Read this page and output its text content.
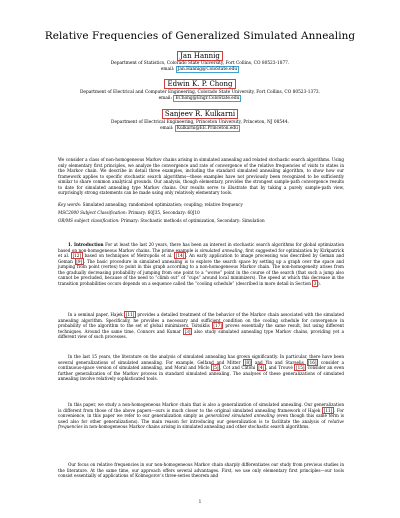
Relative Frequencies of Generalized Simulated Annealing
Jan Hannig
Department of Statistics, Colorado State University, Fort Collins, CO 80523-1877.
email: Jan.Hannig@ColoState.edu
Edwin K. P. Chong
Department of Electrical and Computer Engineering, Colorado State University, Fort Collins, CO 80523-1373.
email: EChong@Engr.ColoState.edu
Sanjeev R. Kulkarni
Department of Electrical Engineering, Princeton University, Princeton, NJ 08544.
email: Kulkarni@EE.Princeton.edu
We consider a class of non-homogeneous Markov chains arising in simulated annealing and related stochastic search algorithms. Using only elementary first principles, we analyze the convergence and rate of convergence of the relative frequencies of visits to states in the Markov chain. We describe in detail three examples, including the standard simulated annealing algorithm, to show how our framework applies to specific stochastic search algorithms—these examples have not previously been recognized to be sufficiently similar to share common analytical grounds. Our analysis, though elementary, provides the strongest sample-path convergence results to date for simulated annealing type Markov chains. Our results serve to illustrate that by taking a purely sample-path view, surprisingly strong statements can be made using only relatively elementary tools.
Key words: Simulated annealing; randomized optimization; coupling; relative frequency
MSC2000 Subject Classification: Primary: 60J35, Secondary: 60J10
OR/MS subject classification: Primary: Stochastic methods of optimization, Secondary: Simulation
1. Introduction For at least the last 20 years, there has been an interest in stochastic search algorithms for global optimization based on non-homogeneous Markov chains. The prime example is simulated annealing, first suggested for optimization by Kirkpatrick et al. [12] based on techniques of Metropolis et al. [14] . An early application to image processing was described by Geman and Geman [9] . The basic procedure in simulated annealing is to explore the search space by setting up a graph over the space and jumping from point (vertex) to point in this graph according to a non-homogeneous Markov chain. The non-homogeneity arises from the gradually decreasing probability of jumping from one point to a “worse” point in the course of the search (that such a jump also cannot be precluded, because of the need to “climb out” of “cups” around local minimizers). The speed at which this decrease in the transition probabilities occurs depends on a sequence called the “cooling schedule” (described in more detail in Section 3 ).
In a seminal paper, Hajek [11] provides a detailed treatment of the behavior of the Markov chain associated with the simulated annealing algorithm. Specifically, he provides a necessary and sufficient condition on the cooling schedule for convergence in probability of the algorithm to the set of global minimizers. Tsitsiklis [17] proves essentially the same result, but using different techniques. Around the same time, Connors and Kumar [3] also study simulated annealing type Markov chains, providing yet a different view of such processes.
In the last 15 years, the literature on the analysis of simulated annealing has grown significantly. In particular, there have been several generalizations of simulated annealing. For example, Gelfand and Mitter [8] and Yin and Starselis [16] consider a continuous-space version of simulated annealing, and Moral and Miclo [5] , Cot and Catoni [4] , and Trouvé [15] consider an even further generalization of the Markov process in standard simulated annealing. The analyses of these generalizations of simulated annealing involve relatively sophisticated tools.
In this paper, we study a non-homogeneous Markov chain that is also a generalization of simulated annealing. Our generalization is different from those of the above papers—ours is much closer to the original simulated annealing framework of Hajek [11] . For convenience, in this paper we refer to our generalization simply as generalized simulated annealing (even though this same term is used also for other generalizations). The main reason for introducing our generalization is to facilitate the analysis of relative frequencies in non-homogeneous Markov chains arising in simulated annealing and other stochastic search algorithms.
Our focus on relative frequencies in our non-homogeneous Markov chain sharply differentiates our study from previous studies in the literature. At the same time, our approach offers several advantages. First, we use only elementary first principles—our tools consist essentially of applications of Kolmogorov’s three-series theorem and
1
